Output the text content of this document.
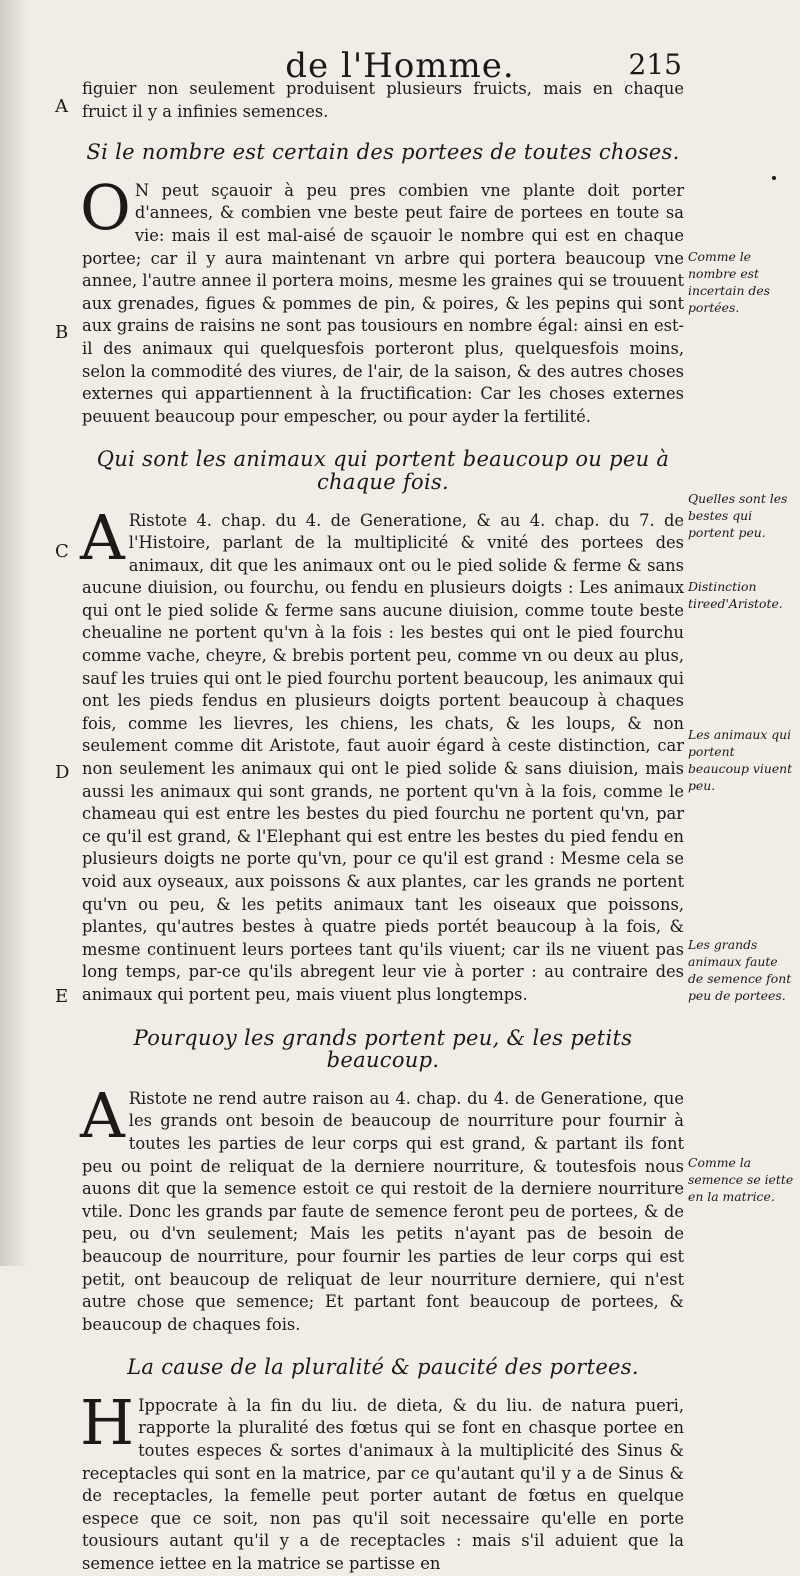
de l'Homme.	215
A
B
C
D
E

figuier non seulement produisent plusieurs fruicts, mais en chaque fruict il y a infinies semences.

Si le nombre est certain des portees de toutes choses.

O N peut sçauoir à peu pres combien vne plante doit porter d'annees, & combien vne beste peut faire de portees en toute sa vie: mais il est mal-aisé de sçauoir le nombre qui est en chaque portee; car il y aura maintenant vn arbre qui portera beaucoup vne annee, l'autre annee il portera moins, mesme les graines qui se trouuent aux grenades, figues & pommes de pin, & poires, & les pepins qui sont aux grains de raisins ne sont pas tousiours en nombre égal: ainsi en est-il des animaux qui quelquesfois porteront plus, quelquesfois moins, selon la commodité des viures, de l'air, de la saison, & des autres choses externes qui appartiennent à la fructification: Car les choses externes peuuent beaucoup pour empescher, ou pour ayder la fertilité.

Qui sont les animaux qui portent beaucoup ou peu à chaque fois.

A Ristote 4. chap. du 4. de Generatione, & au 4. chap. du 7. de l'Histoire, parlant de la multiplicité & vnité des portees des animaux, dit que les animaux ont ou le pied solide & ferme & sans aucune diuision, ou fourchu, ou fendu en plusieurs doigts : Les animaux qui ont le pied solide & ferme sans aucune diuision, comme toute beste cheualine ne portent qu'vn à la fois : les bestes qui ont le pied fourchu comme vache, cheyre, & brebis portent peu, comme vn ou deux au plus, sauf les truies qui ont le pied fourchu portent beaucoup, les animaux qui ont les pieds fendus en plusieurs doigts portent beaucoup à chaques fois, comme les lievres, les chiens, les chats, & les loups, & non seulement comme dit Aristote, faut auoir égard à ceste distinction, car non seulement les animaux qui ont le pied solide & sans diuision, mais aussi les animaux qui sont grands, ne portent qu'vn à la fois, comme le chameau qui est entre les bestes du pied fourchu ne portent qu'vn, par ce qu'il est grand, & l'Elephant qui est entre les bestes du pied fendu en plusieurs doigts ne porte qu'vn, pour ce qu'il est grand : Mesme cela se void aux oyseaux, aux poissons & aux plantes, car les grands ne portent qu'vn ou peu, & les petits animaux tant les oiseaux que poissons, plantes, qu'autres bestes à quatre pieds portét beaucoup à la fois, & mesme continuent leurs portees tant qu'ils viuent; car ils ne viuent pas long temps, par-ce qu'ils abregent leur vie à porter : au contraire des animaux qui portent peu, mais viuent plus longtemps.

Pourquoy les grands portent peu, & les petits beaucoup.

A Ristote ne rend autre raison au 4. chap. du 4. de Generatione, que les grands ont besoin de beaucoup de nourriture pour fournir à toutes les parties de leur corps qui est grand, & partant ils font peu ou point de reliquat de la derniere nourriture, & toutesfois nous auons dit que la semence estoit ce qui restoit de la derniere nourriture vtile. Donc les grands par faute de semence feront peu de portees, & de peu, ou d'vn seulement; Mais les petits n'ayant pas de besoin de beaucoup de nourriture, pour fournir les parties de leur corps qui est petit, ont beaucoup de reliquat de leur nourriture derniere, qui n'est autre chose que semence; Et partant font beaucoup de portees, & beaucoup de chaques fois.

La cause de la pluralité & paucité des portees.

H Ippocrate à la fin du liu. de dieta, & du liu. de natura pueri, rapporte la pluralité des fœtus qui se font en chasque portee en toutes especes & sortes d'animaux à la multiplicité des Sinus & receptacles qui sont en la matrice, par ce qu'autant qu'il y a de Sinus & de receptacles, la femelle peut porter autant de fœtus en quelque espece que ce soit, non pas qu'il soit necessaire qu'elle en porte tousiours autant qu'il y a de receptacles : mais s'il aduient que la semence iettee en la matrice se partisse en

Comme le nombre est incertain des portées.
Quelles sont les bestes qui portent peu.
Distinction tireed'Aristote.
Les animaux qui portent beaucoup viuent peu.
Les grands animaux faute de semence font peu de portees.
Comme la semence se iette en la matrice.
